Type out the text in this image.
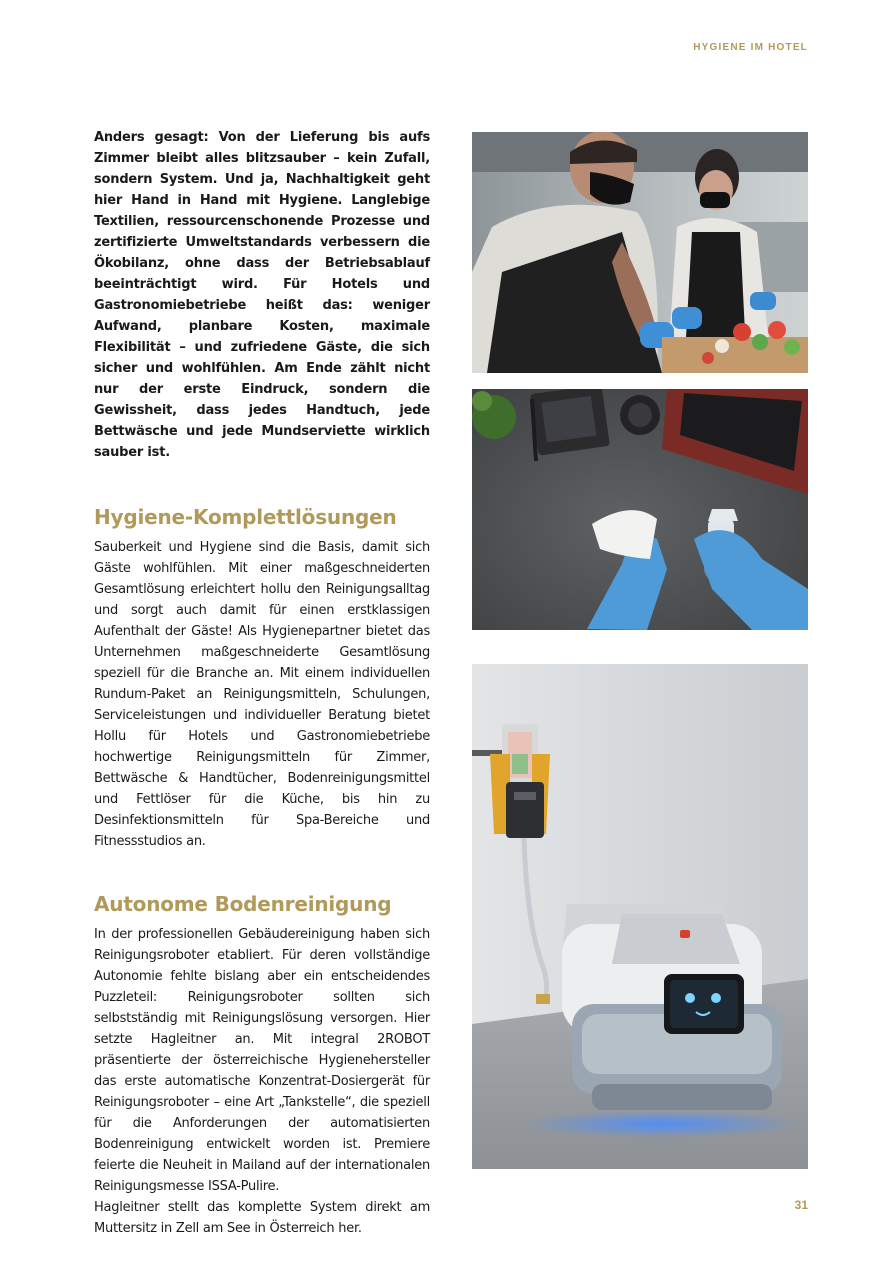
HYGIENE IM HOTEL

Anders gesagt: Von der Lieferung bis aufs Zimmer bleibt alles blitzsauber – kein Zufall, sondern System. Und ja, Nachhaltigkeit geht hier Hand in Hand mit Hygiene. Langlebige Textilien, ressourcenschonende Prozesse und zertifizierte Umweltstandards verbessern die Ökobilanz, ohne dass der Betriebsablauf beeinträchtigt wird. Für Hotels und Gastronomiebetriebe heißt das: weniger Aufwand, planbare Kosten, maximale Flexibilität – und zufriedene Gäste, die sich sicher und wohlfühlen. Am Ende zählt nicht nur der erste Eindruck, sondern die Gewissheit, dass jedes Handtuch, jede Bettwäsche und jede Mundserviette wirklich sauber ist.

Hygiene-Komplettlösungen

Sauberkeit und Hygiene sind die Basis, damit sich Gäste wohlfühlen. Mit einer maßgeschneiderten Gesamtlösung erleichtert hollu den Reinigungsalltag und sorgt auch damit für einen erstklassigen Aufenthalt der Gäste! Als Hygienepartner bietet das Unternehmen maßgeschneiderte Gesamtlösung speziell für die Branche an. Mit einem individuellen Rundum-Paket an Reinigungsmitteln, Schulungen, Serviceleistungen und individueller Beratung bietet Hollu für Hotels und Gastronomiebetriebe hochwertige Reinigungsmitteln für Zimmer, Bettwäsche & Handtücher, Bodenreinigungsmittel und Fettlöser für die Küche, bis hin zu Desinfektionsmitteln für Spa-Bereiche und Fitnessstudios an.

Autonome Bodenreinigung

In der professionellen Gebäudereinigung haben sich Reinigungsroboter etabliert. Für deren vollständige Autonomie fehlte bislang aber ein entscheidendes Puzzleteil: Reinigungsroboter sollten sich selbstständig mit Reinigungslösung versorgen. Hier setzte Hagleitner an. Mit integral 2ROBOT präsentierte der österreichische Hygienehersteller das erste automatische Konzentrat-Dosiergerät für Reinigungsroboter – eine Art „Tankstelle“, die speziell für die Anforderungen der automatisierten Bodenreinigung entwickelt worden ist. Premiere feierte die Neuheit in Mailand auf der internationalen Reinigungsmesse ISSA-Pulire.

Hagleitner stellt das komplette System direkt am Muttersitz in Zell am See in Österreich her.

31
